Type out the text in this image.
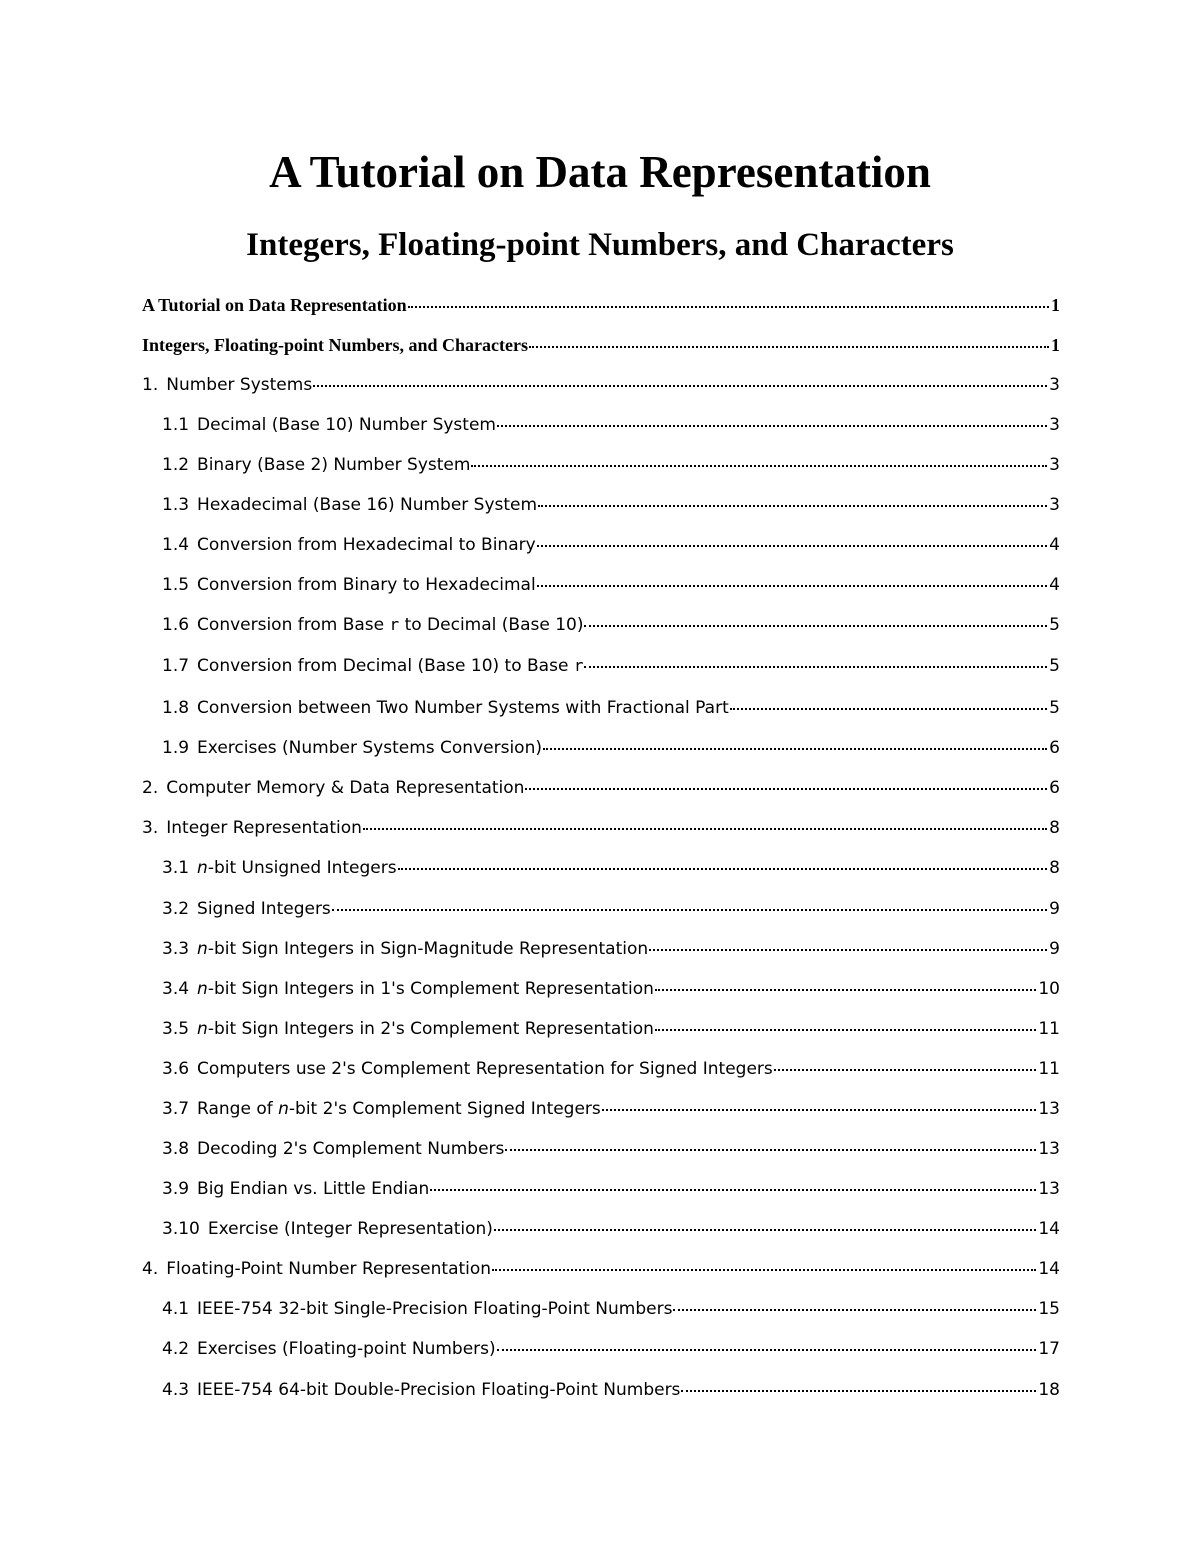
A Tutorial on Data Representation
Integers, Floating-point Numbers, and Characters
A Tutorial on Data Representation	1
Integers, Floating-point Numbers, and Characters	1
1. Number Systems	3
1.1 Decimal (Base 10) Number System	3
1.2 Binary (Base 2) Number System	3
1.3 Hexadecimal (Base 16) Number System	3
1.4 Conversion from Hexadecimal to Binary	4
1.5 Conversion from Binary to Hexadecimal	4
1.6 Conversion from Base r to Decimal (Base 10)	5
1.7 Conversion from Decimal (Base 10) to Base r	5
1.8 Conversion between Two Number Systems with Fractional Part	5
1.9 Exercises (Number Systems Conversion)	6
2. Computer Memory & Data Representation	6
3. Integer Representation	8
3.1 n -bit Unsigned Integers	8
3.2 Signed Integers	9
3.3 n -bit Sign Integers in Sign-Magnitude Representation	9
3.4 n -bit Sign Integers in 1's Complement Representation	10
3.5 n -bit Sign Integers in 2's Complement Representation	11
3.6 Computers use 2's Complement Representation for Signed Integers	11
3.7 Range of n -bit 2's Complement Signed Integers	13
3.8 Decoding 2's Complement Numbers	13
3.9 Big Endian vs. Little Endian	13
3.10 Exercise (Integer Representation)	14
4. Floating-Point Number Representation	14
4.1 IEEE-754 32-bit Single-Precision Floating-Point Numbers	15
4.2 Exercises (Floating-point Numbers)	17
4.3 IEEE-754 64-bit Double-Precision Floating-Point Numbers	18
